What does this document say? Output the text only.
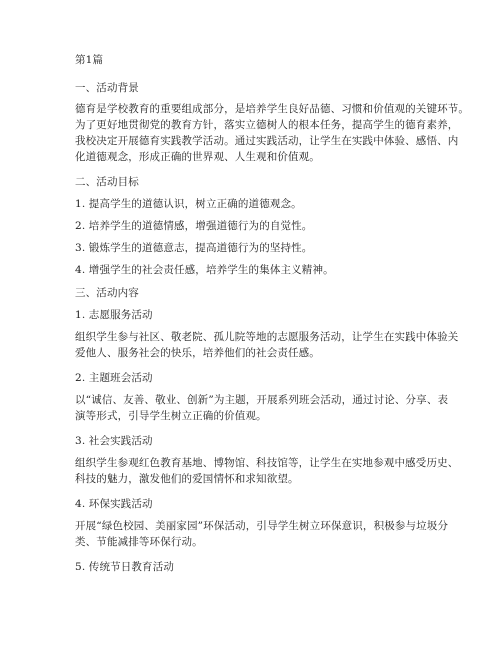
第1篇
一、活动背景
德育是学校教育的重要组成部分，是培养学生良好品德、习惯和价值观的关键环节。
为了更好地贯彻党的教育方针，落实立德树人的根本任务，提高学生的德育素养，
我校决定开展德育实践教学活动。通过实践活动，让学生在实践中体验、感悟、内
化道德观念，形成正确的世界观、人生观和价值观。
二、活动目标
1. 提高学生的道德认识，树立正确的道德观念。
2. 培养学生的道德情感，增强道德行为的自觉性。
3. 锻炼学生的道德意志，提高道德行为的坚持性。
4. 增强学生的社会责任感，培养学生的集体主义精神。
三、活动内容
1. 志愿服务活动
组织学生参与社区、敬老院、孤儿院等地的志愿服务活动，让学生在实践中体验关
爱他人、服务社会的快乐，培养他们的社会责任感。
2. 主题班会活动
以“诚信、友善、敬业、创新”为主题，开展系列班会活动，通过讨论、分享、表
演等形式，引导学生树立正确的价值观。
3. 社会实践活动
组织学生参观红色教育基地、博物馆、科技馆等，让学生在实地参观中感受历史、
科技的魅力，激发他们的爱国情怀和求知欲望。
4. 环保实践活动
开展“绿色校园、美丽家园”环保活动，引导学生树立环保意识，积极参与垃圾分
类、节能减排等环保行动。
5. 传统节日教育活动
